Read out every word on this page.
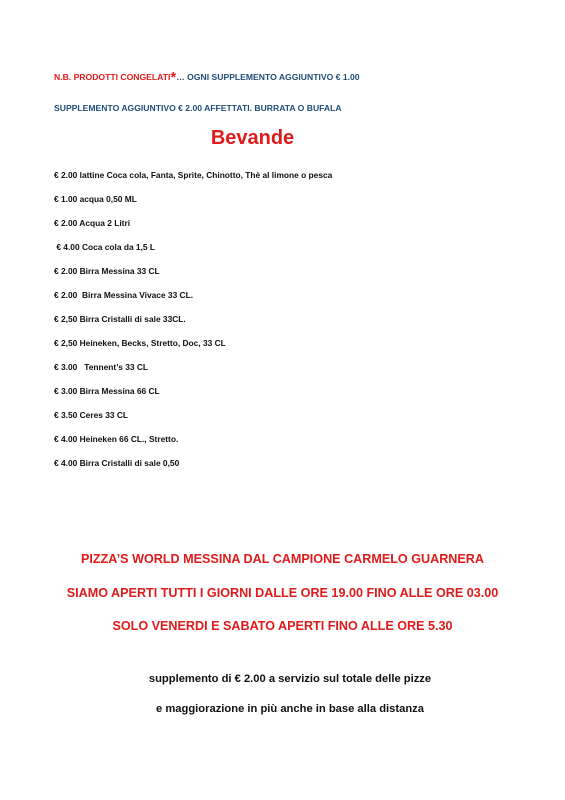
N.B. PRODOTTI CONGELATI*… OGNI SUPPLEMENTO AGGIUNTIVO € 1.00
SUPPLEMENTO AGGIUNTIVO € 2.00 AFFETTATI. BURRATA O BUFALA
Bevande
€ 2.00 lattine Coca cola, Fanta, Sprite, Chinotto, Thè al limone o pesca
€ 1.00 acqua 0,50 ML
€ 2.00 Acqua 2 Litri
€ 4.00 Coca cola da 1,5 L
€ 2.00 Birra Messina 33 CL
€ 2.00  Birra Messina Vivace 33 CL.
€ 2,50 Birra Cristalli di sale 33CL.
€ 2,50 Heineken, Becks, Stretto, Doc, 33 CL
€ 3.00   Tennent’s 33 CL
€ 3.00 Birra Messina 66 CL
€ 3.50 Ceres 33 CL
€ 4.00 Heineken 66 CL., Stretto.
€ 4.00 Birra Cristalli di sale 0,50
PIZZA’S WORLD MESSINA DAL CAMPIONE CARMELO GUARNERA
SIAMO APERTI TUTTI I GIORNI DALLE ORE 19.00 FINO ALLE ORE 03.00
SOLO VENERDI E SABATO APERTI FINO ALLE ORE 5.30
supplemento di € 2.00 a servizio sul totale delle pizze
e maggiorazione in più anche in base alla distanza
